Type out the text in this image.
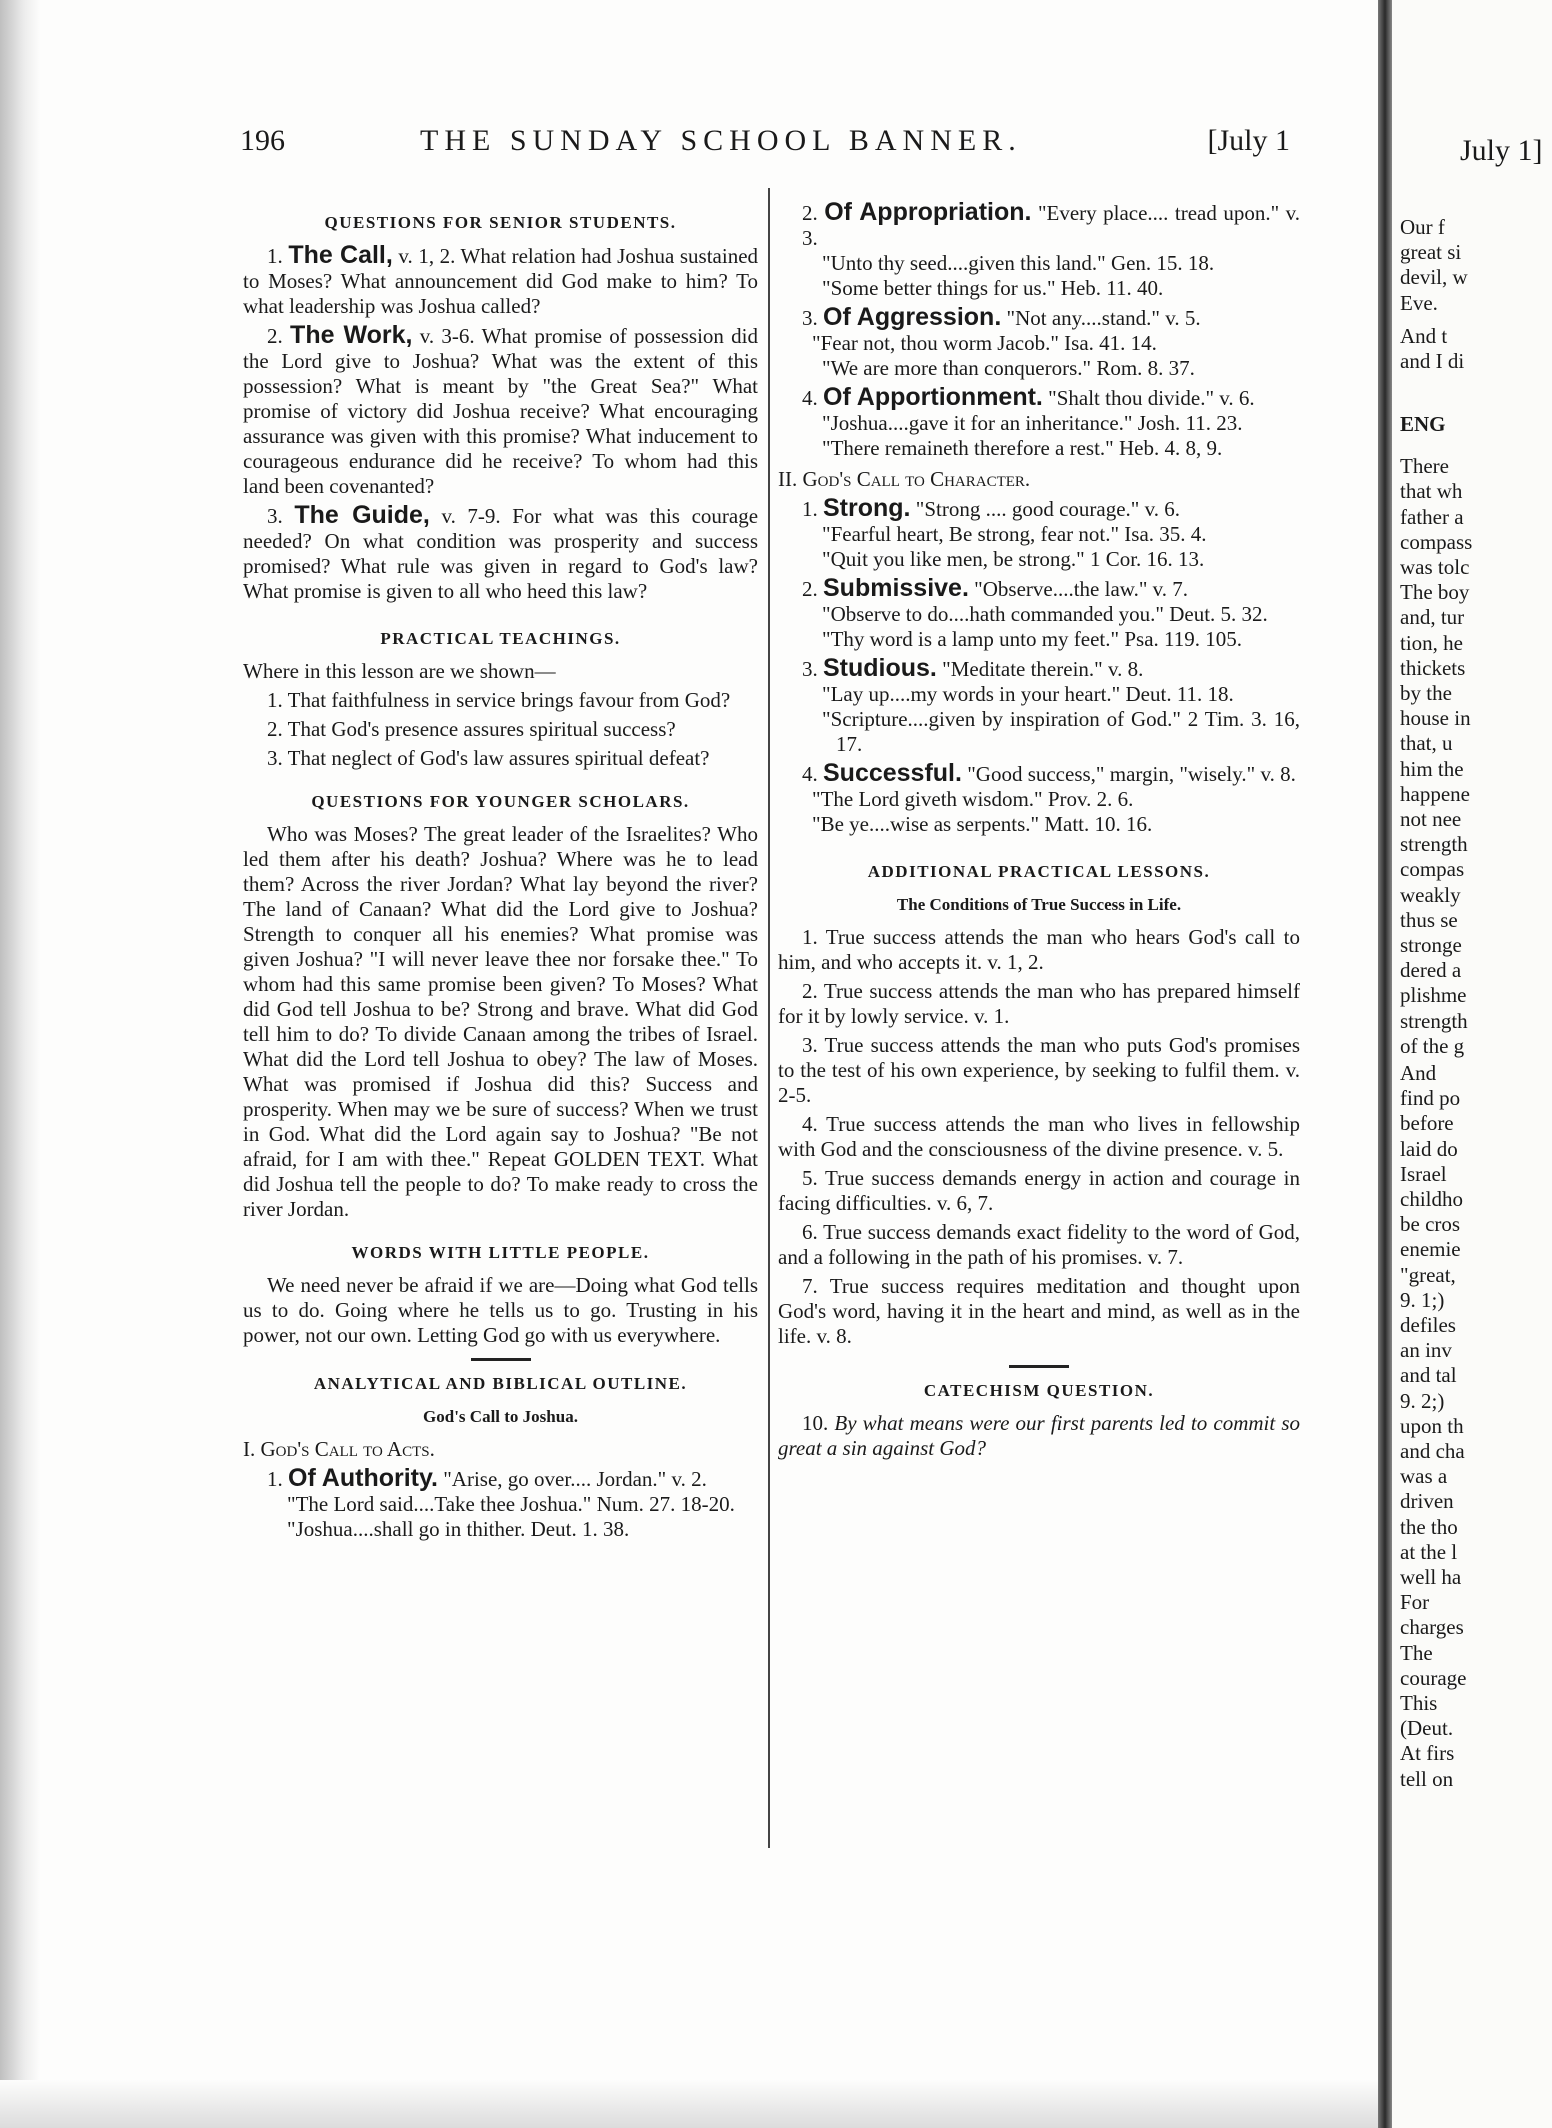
196	THE SUNDAY SCHOOL BANNER.	[July 1
QUESTIONS FOR SENIOR STUDENTS.

1. The Call, v. 1, 2. What relation had Joshua sustained to Moses? What announcement did God make to him? To what leadership was Joshua called?

2. The Work, v. 3-6. What promise of possession did the Lord give to Joshua? What was the extent of this possession? What is meant by "the Great Sea?" What promise of victory did Joshua receive? What encouraging assurance was given with this promise? What inducement to courageous endurance did he receive? To whom had this land been covenanted?

3. The Guide, v. 7-9. For what was this courage needed? On what condition was prosperity and success promised? What rule was given in regard to God's law? What promise is given to all who heed this law?

PRACTICAL TEACHINGS.

Where in this lesson are we shown—

1. That faithfulness in service brings favour from God?

2. That God's presence assures spiritual success?

3. That neglect of God's law assures spiritual defeat?

QUESTIONS FOR YOUNGER SCHOLARS.

Who was Moses? The great leader of the Israelites? Who led them after his death? Joshua? Where was he to lead them? Across the river Jordan? What lay beyond the river? The land of Canaan? What did the Lord give to Joshua? Strength to conquer all his enemies? What promise was given Joshua? "I will never leave thee nor forsake thee." To whom had this same promise been given? To Moses? What did God tell Joshua to be? Strong and brave. What did God tell him to do? To divide Canaan among the tribes of Israel. What did the Lord tell Joshua to obey? The law of Moses. What was promised if Joshua did this? Success and prosperity. When may we be sure of success? When we trust in God. What did the Lord again say to Joshua? "Be not afraid, for I am with thee." Repeat GOLDEN TEXT. What did Joshua tell the people to do? To make ready to cross the river Jordan.

WORDS WITH LITTLE PEOPLE.

We need never be afraid if we are—Doing what God tells us to do. Going where he tells us to go. Trusting in his power, not our own. Letting God go with us everywhere.

ANALYTICAL AND BIBLICAL OUTLINE.
God's Call to Joshua.

I. God's Call to Acts.

1. Of Authority. "Arise, go over.... Jordan." v. 2.

"The Lord said....Take thee Joshua." Num. 27. 18-20.

"Joshua....shall go in thither. Deut. 1. 38.

2. Of Appropriation. "Every place.... tread upon." v. 3.

"Unto thy seed....given this land." Gen. 15. 18.

"Some better things for us." Heb. 11. 40.

3. Of Aggression. "Not any....stand." v. 5.

"Fear not, thou worm Jacob." Isa. 41. 14.

"We are more than conquerors." Rom. 8. 37.

4. Of Apportionment. "Shalt thou divide." v. 6.

"Joshua....gave it for an inheritance." Josh. 11. 23.

"There remaineth therefore a rest." Heb. 4. 8, 9.

II. God's Call to Character.

1. Strong. "Strong .... good courage." v. 6.

"Fearful heart, Be strong, fear not." Isa. 35. 4.

"Quit you like men, be strong." 1 Cor. 16. 13.

2. Submissive. "Observe....the law." v. 7.

"Observe to do....hath commanded you." Deut. 5. 32.

"Thy word is a lamp unto my feet." Psa. 119. 105.

3. Studious. "Meditate therein." v. 8.

"Lay up....my words in your heart." Deut. 11. 18.

"Scripture....given by inspiration of God." 2 Tim. 3. 16, 17.

4. Successful. "Good success," margin, "wisely." v. 8.

"The Lord giveth wisdom." Prov. 2. 6.

"Be ye....wise as serpents." Matt. 10. 16.

ADDITIONAL PRACTICAL LESSONS.
The Conditions of True Success in Life.

1. True success attends the man who hears God's call to him, and who accepts it. v. 1, 2.

2. True success attends the man who has prepared himself for it by lowly service. v. 1.

3. True success attends the man who puts God's promises to the test of his own experience, by seeking to fulfil them. v. 2-5.

4. True success attends the man who lives in fellowship with God and the consciousness of the divine presence. v. 5.

5. True success demands energy in action and courage in facing difficulties. v. 6, 7.

6. True success demands exact fidelity to the word of God, and a following in the path of his promises. v. 7.

7. True success requires meditation and thought upon God's word, having it in the heart and mind, as well as in the life. v. 8.

CATECHISM QUESTION.

10. By what means were our first parents led to commit so great a sin against God?

July 1]
Our f
great si
devil, w
Eve.
And t
and I di
ENG
There
that wh
father a
compass
was tolc
The boy
and, tur
tion, he
thickets
by the
house in
that, u
him the
happene
not nee
strength
compas
weakly
thus se
stronge
dered a
plishme
strength
of the g
And
find po
before
laid do
Israel
childho
be cros
enemie
"great,
9. 1;)
defiles
an inv
and tal
9. 2;)
upon th
and cha
was a
driven
the tho
at the l
well ha
For
charges
The
courage
This
(Deut.
At firs
tell on
